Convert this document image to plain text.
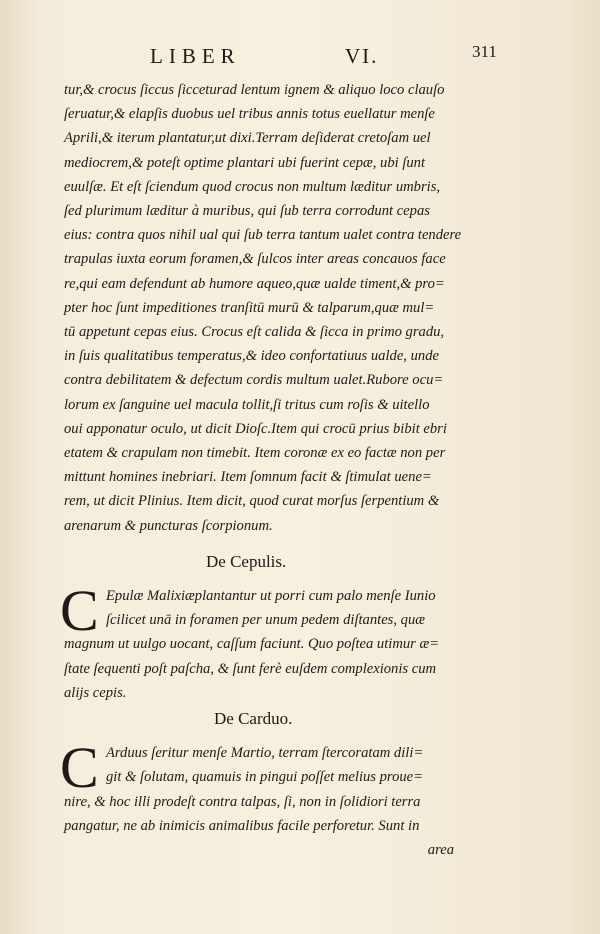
LIBER	VI.	311
tur,& crocus ſiccus ſicceturad lentum ignem & aliquo loco clauſo
ſeruatur,& elapſis duobus uel tribus annis totus euellatur menſe
Aprili,& iterum plantatur,ut dixi.Terram deſiderat cretoſam uel
mediocrem,& poteſt optime plantari ubi fuerint cepæ, ubi ſunt
euulſæ. Et eſt ſciendum quod crocus non multum læditur umbris,
ſed plurimum læditur à muribus, qui ſub terra corrodunt cepas
eius: contra quos nihil ual qui ſub terra tantum ualet contra tendere
trapulas iuxta eorum foramen,& ſulcos inter areas concauos face
re,qui eam defendunt ab humore aqueo,quæ ualde timent,& pro=
pter hoc ſunt impeditiones tranſitū murū & talparum,quæ mul=
tū appetunt cepas eius. Crocus eſt calida & ſicca in primo gradu,
in ſuis qualitatibus temperatus,& ideo confortatiuus ualde, unde
contra debilitatem & defectum cordis multum ualet.Rubore ocu=
lorum ex ſanguine uel macula tollit,ſi tritus cum roſis & uitello
oui apponatur oculo, ut dicit Dioſc.Item qui crocū prius bibit ebri
etatem & crapulam non timebit. Item coronæ ex eo factæ non per
mittunt homines inebriari. Item ſomnum facit & ſtimulat uene=
rem, ut dicit Plinius. Item dicit, quod curat morſus ſerpentium &
arenarum & puncturas ſcorpionum.
De Cepulis.
C Epulæ Malixiæplantantur ut porri cum palo menſe Iunio
ſcilicet unā in foramen per unum pedem diſtantes, quæ
magnum ut uulgo uocant, caſſum faciunt. Quo poſtea utimur æ=
ſtate ſequenti poſt paſcha, & ſunt ferè euſdem complexionis cum
alijs cepis.
De Carduo.
C Arduus ſeritur menſe Martio, terram ſtercoratam dili=
git & ſolutam, quamuis in pingui poſſet melius proue=
nire, & hoc illi prodeſt contra talpas, ſi, non in ſolidiori terra
pangatur, ne ab inimicis animalibus facile perforetur. Sunt in
area
